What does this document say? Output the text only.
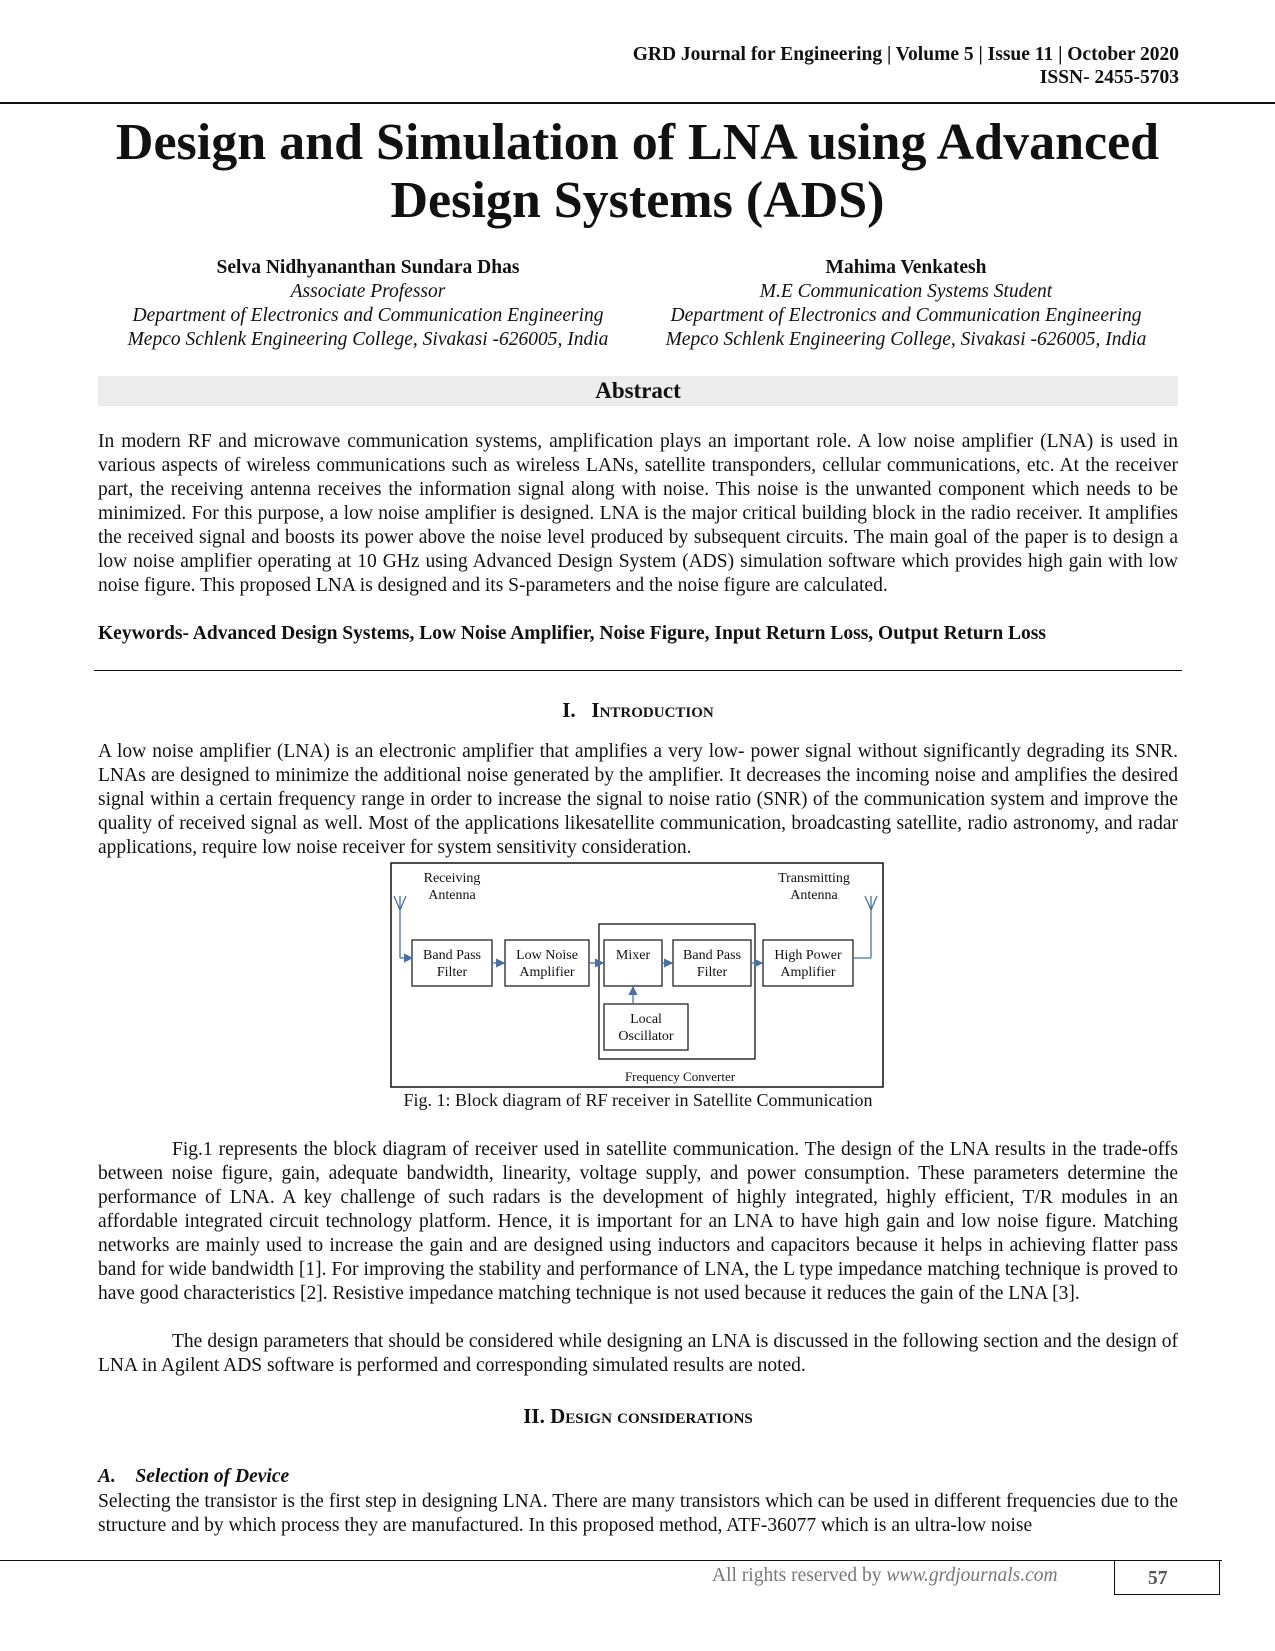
GRD Journal for Engineering | Volume 5 | Issue 11 | October 2020
ISSN- 2455-5703
Design and Simulation of LNA using Advanced
Design Systems (ADS)
Selva Nidhyananthan Sundara Dhas
Associate Professor
Department of Electronics and Communication Engineering
Mepco Schlenk Engineering College, Sivakasi -626005, India
Mahima Venkatesh
M.E Communication Systems Student
Department of Electronics and Communication Engineering
Mepco Schlenk Engineering College, Sivakasi -626005, India
Abstract
In modern RF and microwave communication systems, amplification plays an important role. A low noise amplifier (LNA) is used in various aspects of wireless communications such as wireless LANs, satellite transponders, cellular communications, etc. At the receiver part, the receiving antenna receives the information signal along with noise. This noise is the unwanted component which needs to be minimized. For this purpose, a low noise amplifier is designed. LNA is the major critical building block in the radio receiver. It amplifies the received signal and boosts its power above the noise level produced by subsequent circuits. The main goal of the paper is to design a low noise amplifier operating at 10 GHz using Advanced Design System (ADS) simulation software which provides high gain with low noise figure. This proposed LNA is designed and its S-parameters and the noise figure are calculated.
Keywords- Advanced Design Systems, Low Noise Amplifier, Noise Figure, Input Return Loss, Output Return Loss
I. Introduction
A low noise amplifier (LNA) is an electronic amplifier that amplifies a very low- power signal without significantly degrading its SNR. LNAs are designed to minimize the additional noise generated by the amplifier. It decreases the incoming noise and amplifies the desired signal within a certain frequency range in order to increase the signal to noise ratio (SNR) of the communication system and improve the quality of received signal as well. Most of the applications likesatellite communication, broadcasting satellite, radio astronomy, and radar applications, require low noise receiver for system sensitivity consideration.
Receiving
Antenna
Transmitting
Antenna
Frequency Converter
Band Pass
Filter
Low Noise
Amplifier
Mixer Band Pass
Filter
High Power
Amplifier
Local
Oscillator
Fig. 1: Block diagram of RF receiver in Satellite Communication
Fig.1 represents the block diagram of receiver used in satellite communication. The design of the LNA results in the trade-offs between noise figure, gain, adequate bandwidth, linearity, voltage supply, and power consumption. These parameters determine the performance of LNA. A key challenge of such radars is the development of highly integrated, highly efficient, T/R modules in an affordable integrated circuit technology platform. Hence, it is important for an LNA to have high gain and low noise figure. Matching networks are mainly used to increase the gain and are designed using inductors and capacitors because it helps in achieving flatter pass band for wide bandwidth [1]. For improving the stability and performance of LNA, the L type impedance matching technique is proved to have good characteristics [2]. Resistive impedance matching technique is not used because it reduces the gain of the LNA [3].
The design parameters that should be considered while designing an LNA is discussed in the following section and the design of LNA in Agilent ADS software is performed and corresponding simulated results are noted.
II. Design considerations
A. Selection of Device
Selecting the transistor is the first step in designing LNA. There are many transistors which can be used in different frequencies due to the structure and by which process they are manufactured. In this proposed method, ATF-36077 which is an ultra-low noise
All rights reserved by www.grdjournals.com	57
